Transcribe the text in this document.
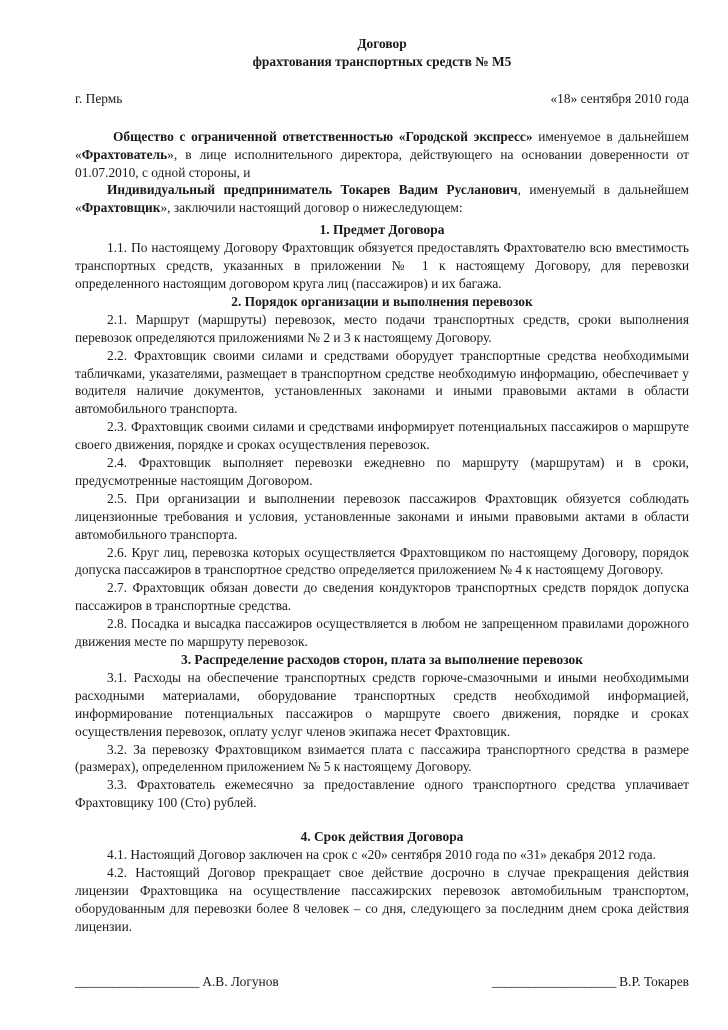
Договор
фрахтования транспортных средств № М5
г. Пермь	«18» сентября 2010 года

Общество с ограниченной ответственностью «Городской экспресс» именуемое в дальнейшем «Фрахтователь», в лице исполнительного директора, действующего на основании доверенности от 01.07.2010, с одной стороны, и

Индивидуальный предприниматель Токарев Вадим Русланович, именуемый в дальнейшем «Фрахтовщик», заключили настоящий договор о нижеследующем:

1. Предмет Договора

1.1. По настоящему Договору Фрахтовщик обязуется предоставлять Фрахтователю всю вместимость транспортных средств, указанных в приложении № 1 к настоящему Договору, для перевозки определенного настоящим договором круга лиц (пассажиров) и их багажа.

2. Порядок организации и выполнения перевозок

2.1. Маршрут (маршруты) перевозок, место подачи транспортных средств, сроки выполнения перевозок определяются приложениями № 2 и 3 к настоящему Договору.

2.2. Фрахтовщик своими силами и средствами оборудует транспортные средства необходимыми табличками, указателями, размещает в транспортном средстве необходимую информацию, обеспечивает у водителя наличие документов, установленных законами и иными правовыми актами в области автомобильного транспорта.

2.3. Фрахтовщик своими силами и средствами информирует потенциальных пассажиров о маршруте своего движения, порядке и сроках осуществления перевозок.

2.4. Фрахтовщик выполняет перевозки ежедневно по маршруту (маршрутам) и в сроки, предусмотренные настоящим Договором.

2.5. При организации и выполнении перевозок пассажиров Фрахтовщик обязуется соблюдать лицензионные требования и условия, установленные законами и иными правовыми актами в области автомобильного транспорта.

2.6. Круг лиц, перевозка которых осуществляется Фрахтовщиком по настоящему Договору, порядок допуска пассажиров в транспортное средство определяется приложением № 4 к настоящему Договору.

2.7. Фрахтовщик обязан довести до сведения кондукторов транспортных средств порядок допуска пассажиров в транспортные средства.

2.8. Посадка и высадка пассажиров осуществляется в любом не запрещенном правилами дорожного движения месте по маршруту перевозок.

3. Распределение расходов сторон, плата за выполнение перевозок

3.1. Расходы на обеспечение транспортных средств горюче-смазочными и иными необходимыми расходными материалами, оборудование транспортных средств необходимой информацией, информирование потенциальных пассажиров о маршруте своего движения, порядке и сроках осуществления перевозок, оплату услуг членов экипажа несет Фрахтовщик.

3.2. За перевозку Фрахтовщиком взимается плата с пассажира транспортного средства в размере (размерах), определенном приложением № 5 к настоящему Договору.

3.3. Фрахтователь ежемесячно за предоставление одного транспортного средства уплачивает Фрахтовщику 100 (Сто) рублей.

4. Срок действия Договора

4.1. Настоящий Договор заключен на срок с «20» сентября 2010 года по «31» декабря 2012 года.

4.2. Настоящий Договор прекращает свое действие досрочно в случае прекращения действия лицензии Фрахтовщика на осуществление пассажирских перевозок автомобильным транспортом, оборудованным для перевозки более 8 человек – со дня, следующего за последним днем срока действия лицензии.

____________________ А.В. Логунов	____________________ В.Р. Токарев
